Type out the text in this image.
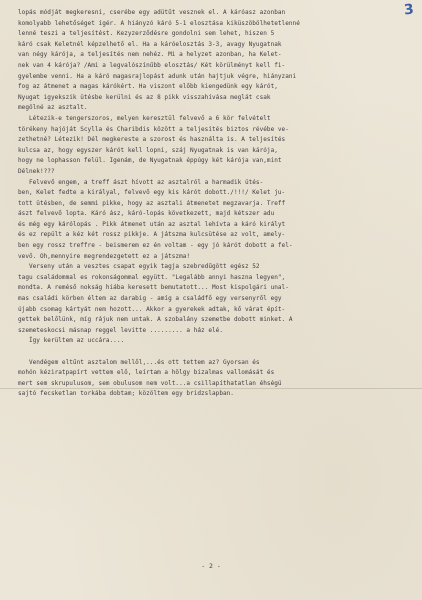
3
lopás módját megkeresni, cserébe egy adütűt vesznek el. A káróasz azonban
komolyabb lehetőséget ígér. A hiányzó káró 5-1 elosztása kiküszöbölhetetlenné
lenné teszi a teljesítést. Kezyzerződésre gondolni sem lehet, hiszen 5
káró csak Keletnél képzelhető el. Ha a káróelosztás 3-3, avagy Nyugatnak
van négy kárója, a teljesítés nem nehéz. Mi a helyzet azonban, ha Kelet-
nek van 4 kárója? /Ami a legvalószínűbb elosztás/ Két körülményt kell fi-
gyelembe venni. Ha a káró magasrajlopást adunk után hajtjuk végre, hiányzani
fog az átmenet a magas kárókért. Ha viszont előbb kiengedünk egy kárót,
Nyugat igyekszik ütésbe kerülni és az 8 pikk visszahívása meglát csak
megölné az asztalt.
Létezik-e tengerszoros, melyen keresztül felvevő a 6 kör felvételt
törékeny hajóját Scylla és Charibdis között a teljesítés biztos révébe ve-
zethetné? Létezik! Dél megkereste a szorost és használta is. A teljesítés
kulcsa az, hogy egyszer kárót kell lopni, száj Nyugatnak is van kárója,
hogy ne lophasson felül. Igenám, de Nyugatnak éppúgy két kárója van,mint
Délnek!???
Felvevő engem, a treff ászt hívott az asztalról a harmadik ütés-
ben, Kelet fedte a királyal, felvevő egy kis kárót dobott./!!!/ Kelet ju-
tott ütésben, de semmi pikke, hogy az asztali átmenetet megzavarja. Treff
ászt felvevő lopta. Káró ász, káró-lopás következett, majd kétszer adu
és még egy kárólopás . Pikk átmenet után az asztal lehívta a káró királyt
és ez repült a kéz két rossz pikkje. A játszma kulcsütése az volt, amely-
ben egy rossz treffre - beismerem ez én voltam - egy jó kárót dobott a fel-
vevő. Oh,mennyire megrendezgetett ez a játszma!
Verseny után a vesztes csapat egyik tagja szebredűgött egész 52
tagu családommal es rokonságommal együtt. "Legalább annyi haszna legyen",
mondta. A reméső nokság hiába keresett bemutatott... Most kispolgári unal-
mas családi körben éltem az darabig - amíg a családfő egy versenyről egy
újabb csomag kártyát nem hozott... Akkor a gyerekek adtak, kő várat épít-
gettek belőlünk, míg rájuk nem untak. A szobalány szemetbe dobott minket. A
szemeteskocsi másnap reggel levitte ......... a ház elé.
Így kerültem az uccára....
Vendégem eltűnt asztalom mellől,...és ott tettem az? Gyorsan és
mohón kéziratpapírt vettem elő, leírtam a hölgy bizalmas vallomását és
mert sem skrupulusom, sem obulusom nem volt...a csillapíthatatlan éhségü
sajtó fecsketlan torkába dobtam; közöltem egy bridzslapban.
- 2 -
